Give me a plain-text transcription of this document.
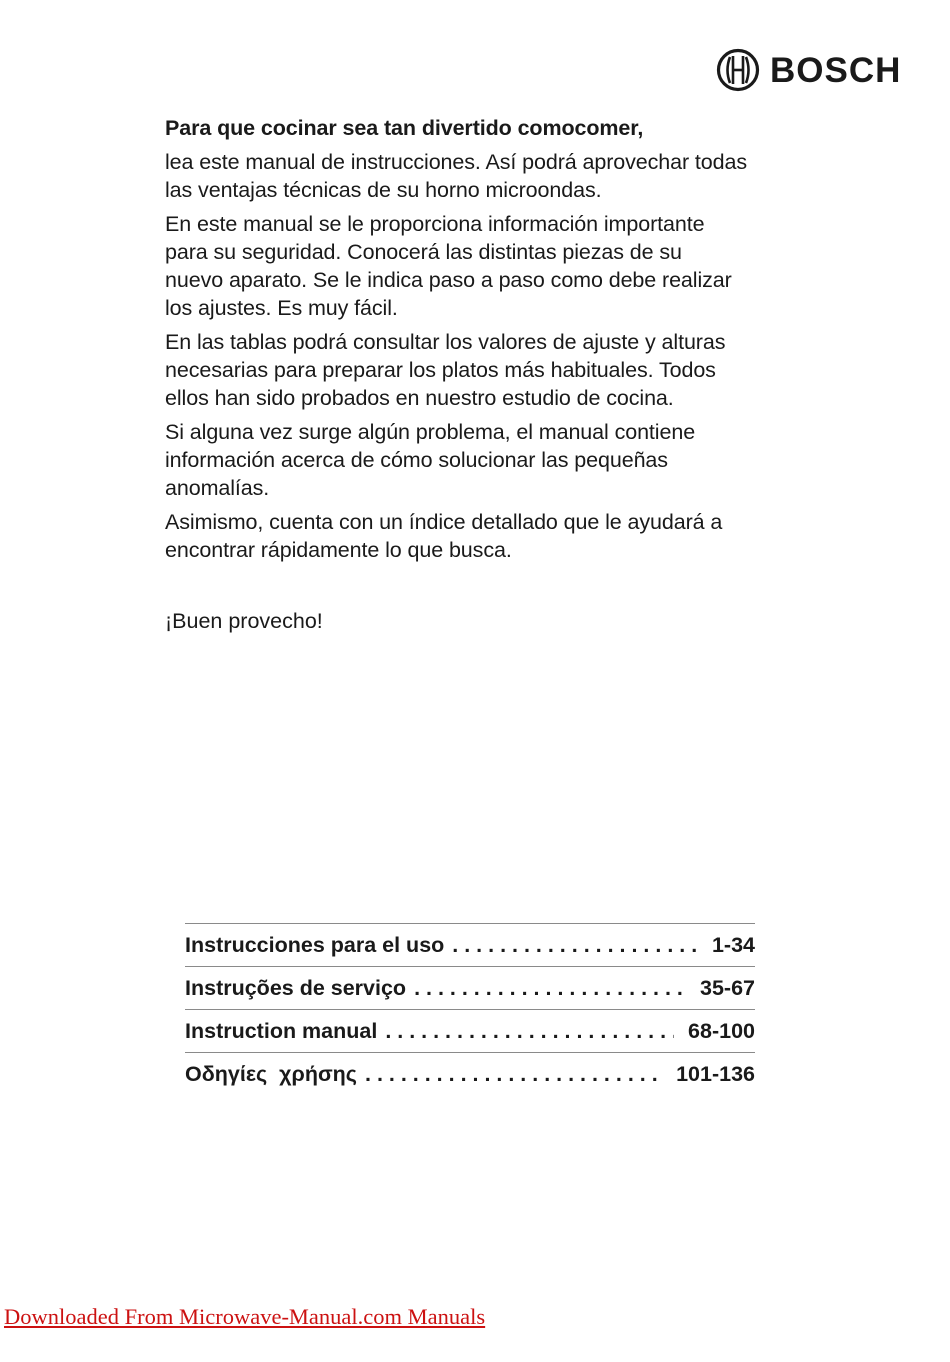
BOSCH

Para que cocinar sea tan divertido comocomer,

lea este manual de instrucciones. Así podrá aprovechar todas
las ventajas técnicas de su horno microondas.

En este manual se le proporciona información importante
para su seguridad. Conocerá las distintas piezas de su
nuevo aparato. Se le indica paso a paso como debe realizar
los ajustes. Es muy fácil.

En las tablas podrá consultar los valores de ajuste y alturas
necesarias para preparar los platos más habituales. Todos
ellos han sido probados en nuestro estudio de cocina.

Si alguna vez surge algún problema, el manual contiene
información acerca de cómo solucionar las pequeñas
anomalías.

Asimismo, cuenta con un índice detallado que le ayudará a
encontrar rápidamente lo que busca.

¡Buen provecho!

Instrucciones para el uso . . .	1-34
Instruções de serviço . . .	35-67
Instruction manual . . .	68-100
Οδηγίες  χρήσης . . .	101-136
Downloaded From Microwave-Manual.com Manuals
